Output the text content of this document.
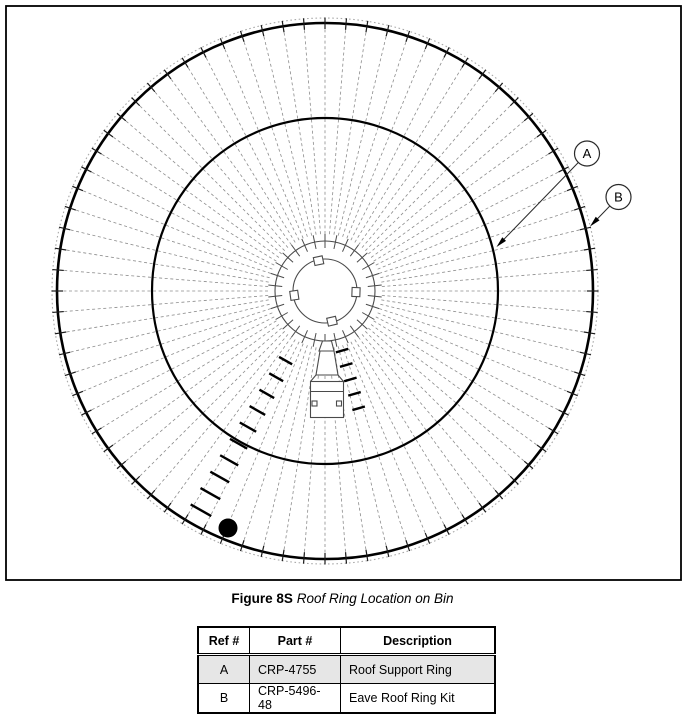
A
B
Figure 8S Roof Ring Location on Bin
Ref #	Part #	Description
A	CRP-4755	Roof Support Ring
B	CRP-5496-48	Eave Roof Ring Kit
